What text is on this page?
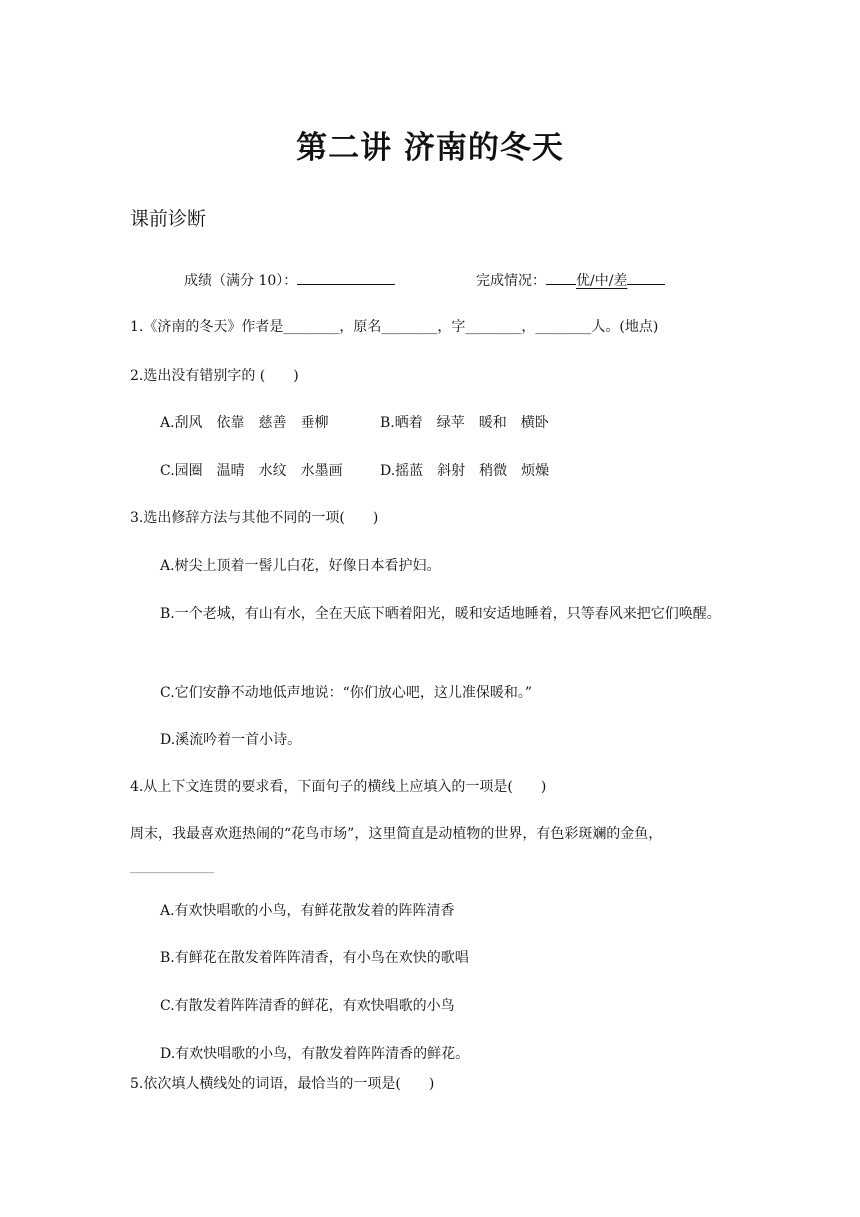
第二讲 济南的冬天
课前诊断
成绩（满分 10）：	完成情况： 优/中/差
1.《济南的冬天》作者是________，原名________，字________，________人。(地点)
2.选出没有错别字的 (　　)
A.刮风　依靠　慈善　垂柳	B.晒着　绿苹　暖和　横卧
C.园圈　温晴　水纹　水墨画	D.摇蓝　斜射　稍微　烦燥
3.选出修辞方法与其他不同的一项(　　)
A.树尖上顶着一髻儿白花，好像日本看护妇。
B.一个老城，有山有水，全在天底下晒着阳光，暖和安适地睡着，只等春风来把它们唤醒。
C.它们安静不动地低声地说：“你们放心吧，这儿准保暖和。”
D.溪流吟着一首小诗。
4.从上下文连贯的要求看，下面句子的横线上应填入的一项是(　　)
周末，我最喜欢逛热闹的“花鸟市场”，这里简直是动植物的世界，有色彩斑斓的金鱼，
____________
A.有欢快唱歌的小鸟，有鲜花散发着的阵阵清香
B.有鲜花在散发着阵阵清香，有小鸟在欢快的歌唱
C.有散发着阵阵清香的鲜花，有欢快唱歌的小鸟
D.有欢快唱歌的小鸟，有散发着阵阵清香的鲜花。
5.依次填人横线处的词语，最恰当的一项是(　　)
